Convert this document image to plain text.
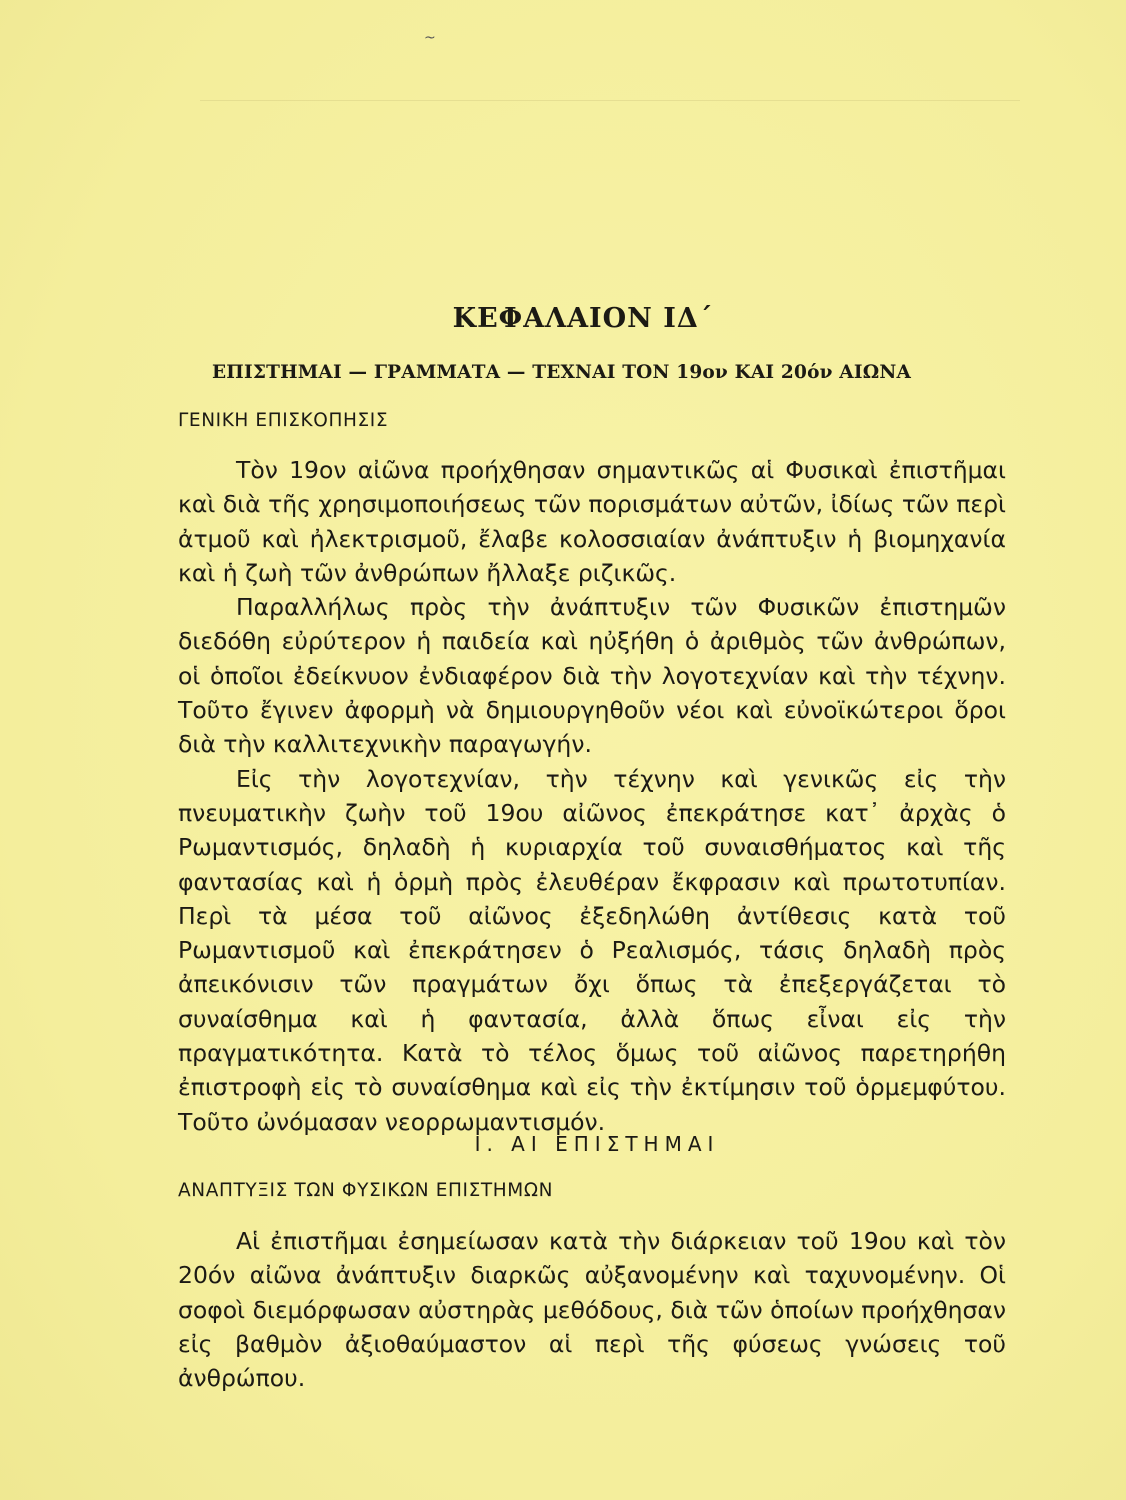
~
ΚΕΦΑΛΑΙΟΝ ΙΔ΄
ΕΠΙΣΤΗΜΑΙ — ΓΡΑΜΜΑΤΑ — ΤΕΧΝΑΙ ΤΟΝ 19ον ΚΑΙ 20όν ΑΙΩΝΑ
ΓΕΝΙΚΗ ΕΠΙΣΚΟΠΗΣΙΣ

Τὸν 19ον αἰῶνα προήχθησαν σημαντικῶς αἱ Φυσικαὶ ἐπιστῆμαι καὶ διὰ τῆς χρησιμοποιήσεως τῶν πορισμάτων αὐτῶν, ἰδίως τῶν περὶ ἀτμοῦ καὶ ἠλεκτρισμοῦ, ἔλαβε κολοσσιαίαν ἀνάπτυξιν ἡ βιομηχανία καὶ ἡ ζωὴ τῶν ἀνθρώπων ἤλλαξε ριζικῶς.

Παραλλήλως πρὸς τὴν ἀνάπτυξιν τῶν Φυσικῶν ἐπιστημῶν διεδόθη εὐρύτερον ἡ παιδεία καὶ ηὐξήθη ὁ ἀριθμὸς τῶν ἀνθρώπων, οἱ ὁποῖοι ἐδείκνυον ἐνδιαφέρον διὰ τὴν λογοτεχνίαν καὶ τὴν τέχνην. Τοῦτο ἔγινεν ἀφορμὴ νὰ δημιουργηθοῦν νέοι καὶ εὐνοϊκώτεροι ὅροι διὰ τὴν καλλιτεχνικὴν παραγωγήν.

Εἰς τὴν λογοτεχνίαν, τὴν τέχνην καὶ γενικῶς εἰς τὴν πνευματικὴν ζωὴν τοῦ 19ου αἰῶνος ἐπεκράτησε κατ᾽ ἀρχὰς ὁ Ρωμαντισμός, δηλαδὴ ἡ κυριαρχία τοῦ συναισθήματος καὶ τῆς φαντασίας καὶ ἡ ὁρμὴ πρὸς ἐλευθέραν ἔκφρασιν καὶ πρωτοτυπίαν. Περὶ τὰ μέσα τοῦ αἰῶνος ἐξεδηλώθη ἀντίθεσις κατὰ τοῦ Ρωμαντισμοῦ καὶ ἐπεκράτησεν ὁ Ρεαλισμός, τάσις δηλαδὴ πρὸς ἀπεικόνισιν τῶν πραγμάτων ὄχι ὅπως τὰ ἐπεξεργάζεται τὸ συναίσθημα καὶ ἡ φαντασία, ἀλλὰ ὅπως εἶναι εἰς τὴν πραγματικότητα. Κατὰ τὸ τέλος ὅμως τοῦ αἰῶνος παρετηρήθη ἐπιστροφὴ εἰς τὸ συναίσθημα καὶ εἰς τὴν ἐκτίμησιν τοῦ ὁρμεμφύτου. Τοῦτο ὠνόμασαν νεορρωμαντισμόν.

Ι. ΑΙ ΕΠΙΣΤΗΜΑΙ
ΑΝΑΠΤΥΞΙΣ ΤΩΝ ΦΥΣΙΚΩΝ ΕΠΙΣΤΗΜΩΝ

Αἱ ἐπιστῆμαι ἐσημείωσαν κατὰ τὴν διάρκειαν τοῦ 19ου καὶ τὸν 20όν αἰῶνα ἀνάπτυξιν διαρκῶς αὐξανομένην καὶ ταχυνομένην. Οἱ σοφοὶ διεμόρφωσαν αὐστηρὰς μεθόδους, διὰ τῶν ὁποίων προήχθησαν εἰς βαθμὸν ἀξιοθαύμαστον αἱ περὶ τῆς φύσεως γνώσεις τοῦ ἀνθρώπου.
